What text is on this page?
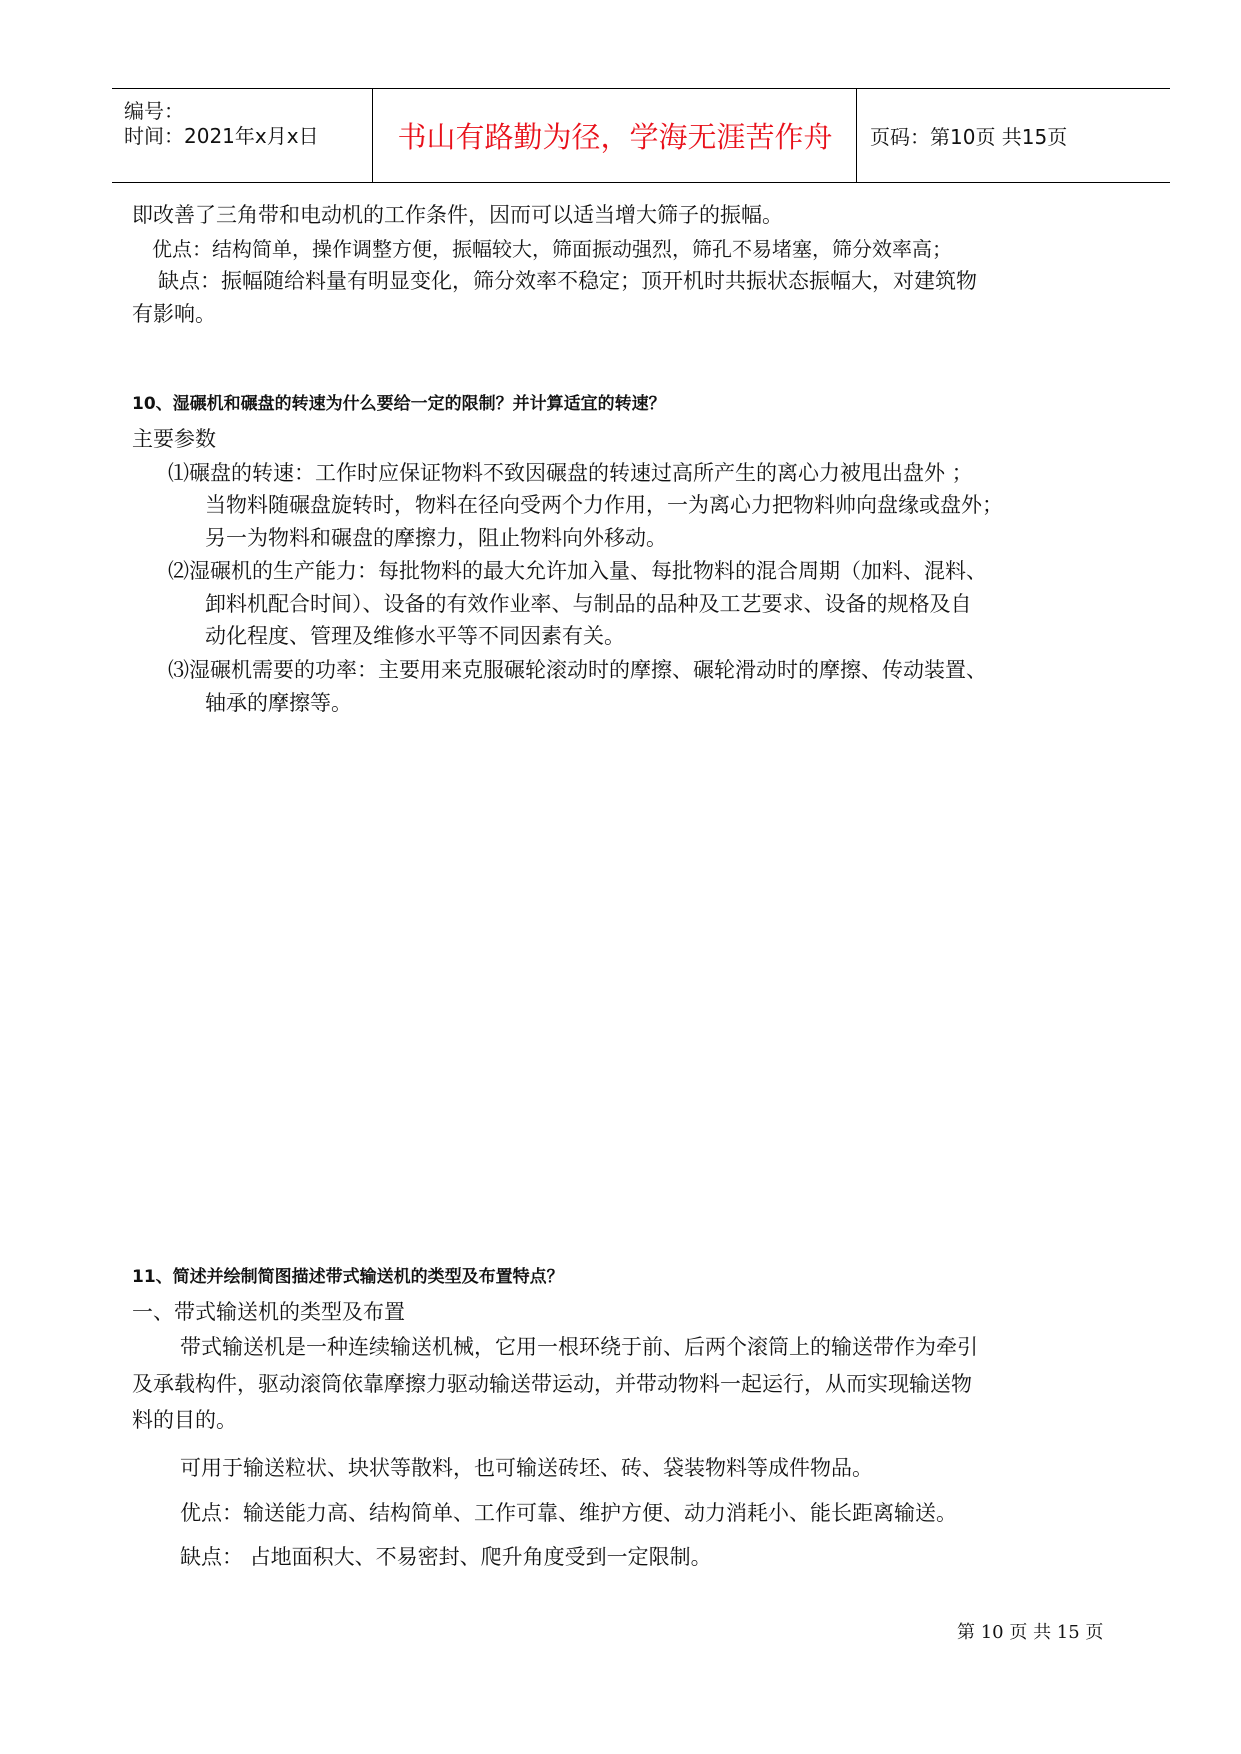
编号：
时间：2021年x月x日	书山有路勤为径，学海无涯苦作舟	页码：第10页 共15页
即改善了三角带和电动机的工作条件，因而可以适当增大筛子的振幅。
优点：结构简单，操作调整方便，振幅较大，筛面振动强烈，筛孔不易堵塞，筛分效率高；
缺点：振幅随给料量有明显变化，筛分效率不稳定；顶开机时共振状态振幅大，对建筑物
有影响。
10、湿碾机和碾盘的转速为什么要给一定的限制？并计算适宜的转速？
主要参数
⑴碾盘的转速：工作时应保证物料不致因碾盘的转速过高所产生的离心力被甩出盘外 ；
当物料随碾盘旋转时，物料在径向受两个力作用，一为离心力把物料帅向盘缘或盘外；
另一为物料和碾盘的摩擦力，阻止物料向外移动。
⑵湿碾机的生产能力：每批物料的最大允许加入量、每批物料的混合周期（加料、混料、
卸料机配合时间）、设备的有效作业率、与制品的品种及工艺要求、设备的规格及自
动化程度、管理及维修水平等不同因素有关。
⑶湿碾机需要的功率：主要用来克服碾轮滚动时的摩擦、碾轮滑动时的摩擦、传动装置、
轴承的摩擦等。
11、简述并绘制简图描述带式输送机的类型及布置特点？
一、带式输送机的类型及布置
带式输送机是一种连续输送机械，它用一根环绕于前、后两个滚筒上的输送带作为牵引
及承载构件，驱动滚筒依靠摩擦力驱动输送带运动，并带动物料一起运行，从而实现输送物
料的目的。
可用于输送粒状、块状等散料，也可输送砖坯、砖、袋装物料等成件物品。
优点：输送能力高、结构简单、工作可靠、维护方便、动力消耗小、能长距离输送。
缺点： 占地面积大、不易密封、爬升角度受到一定限制。
第 10 页 共 15 页
